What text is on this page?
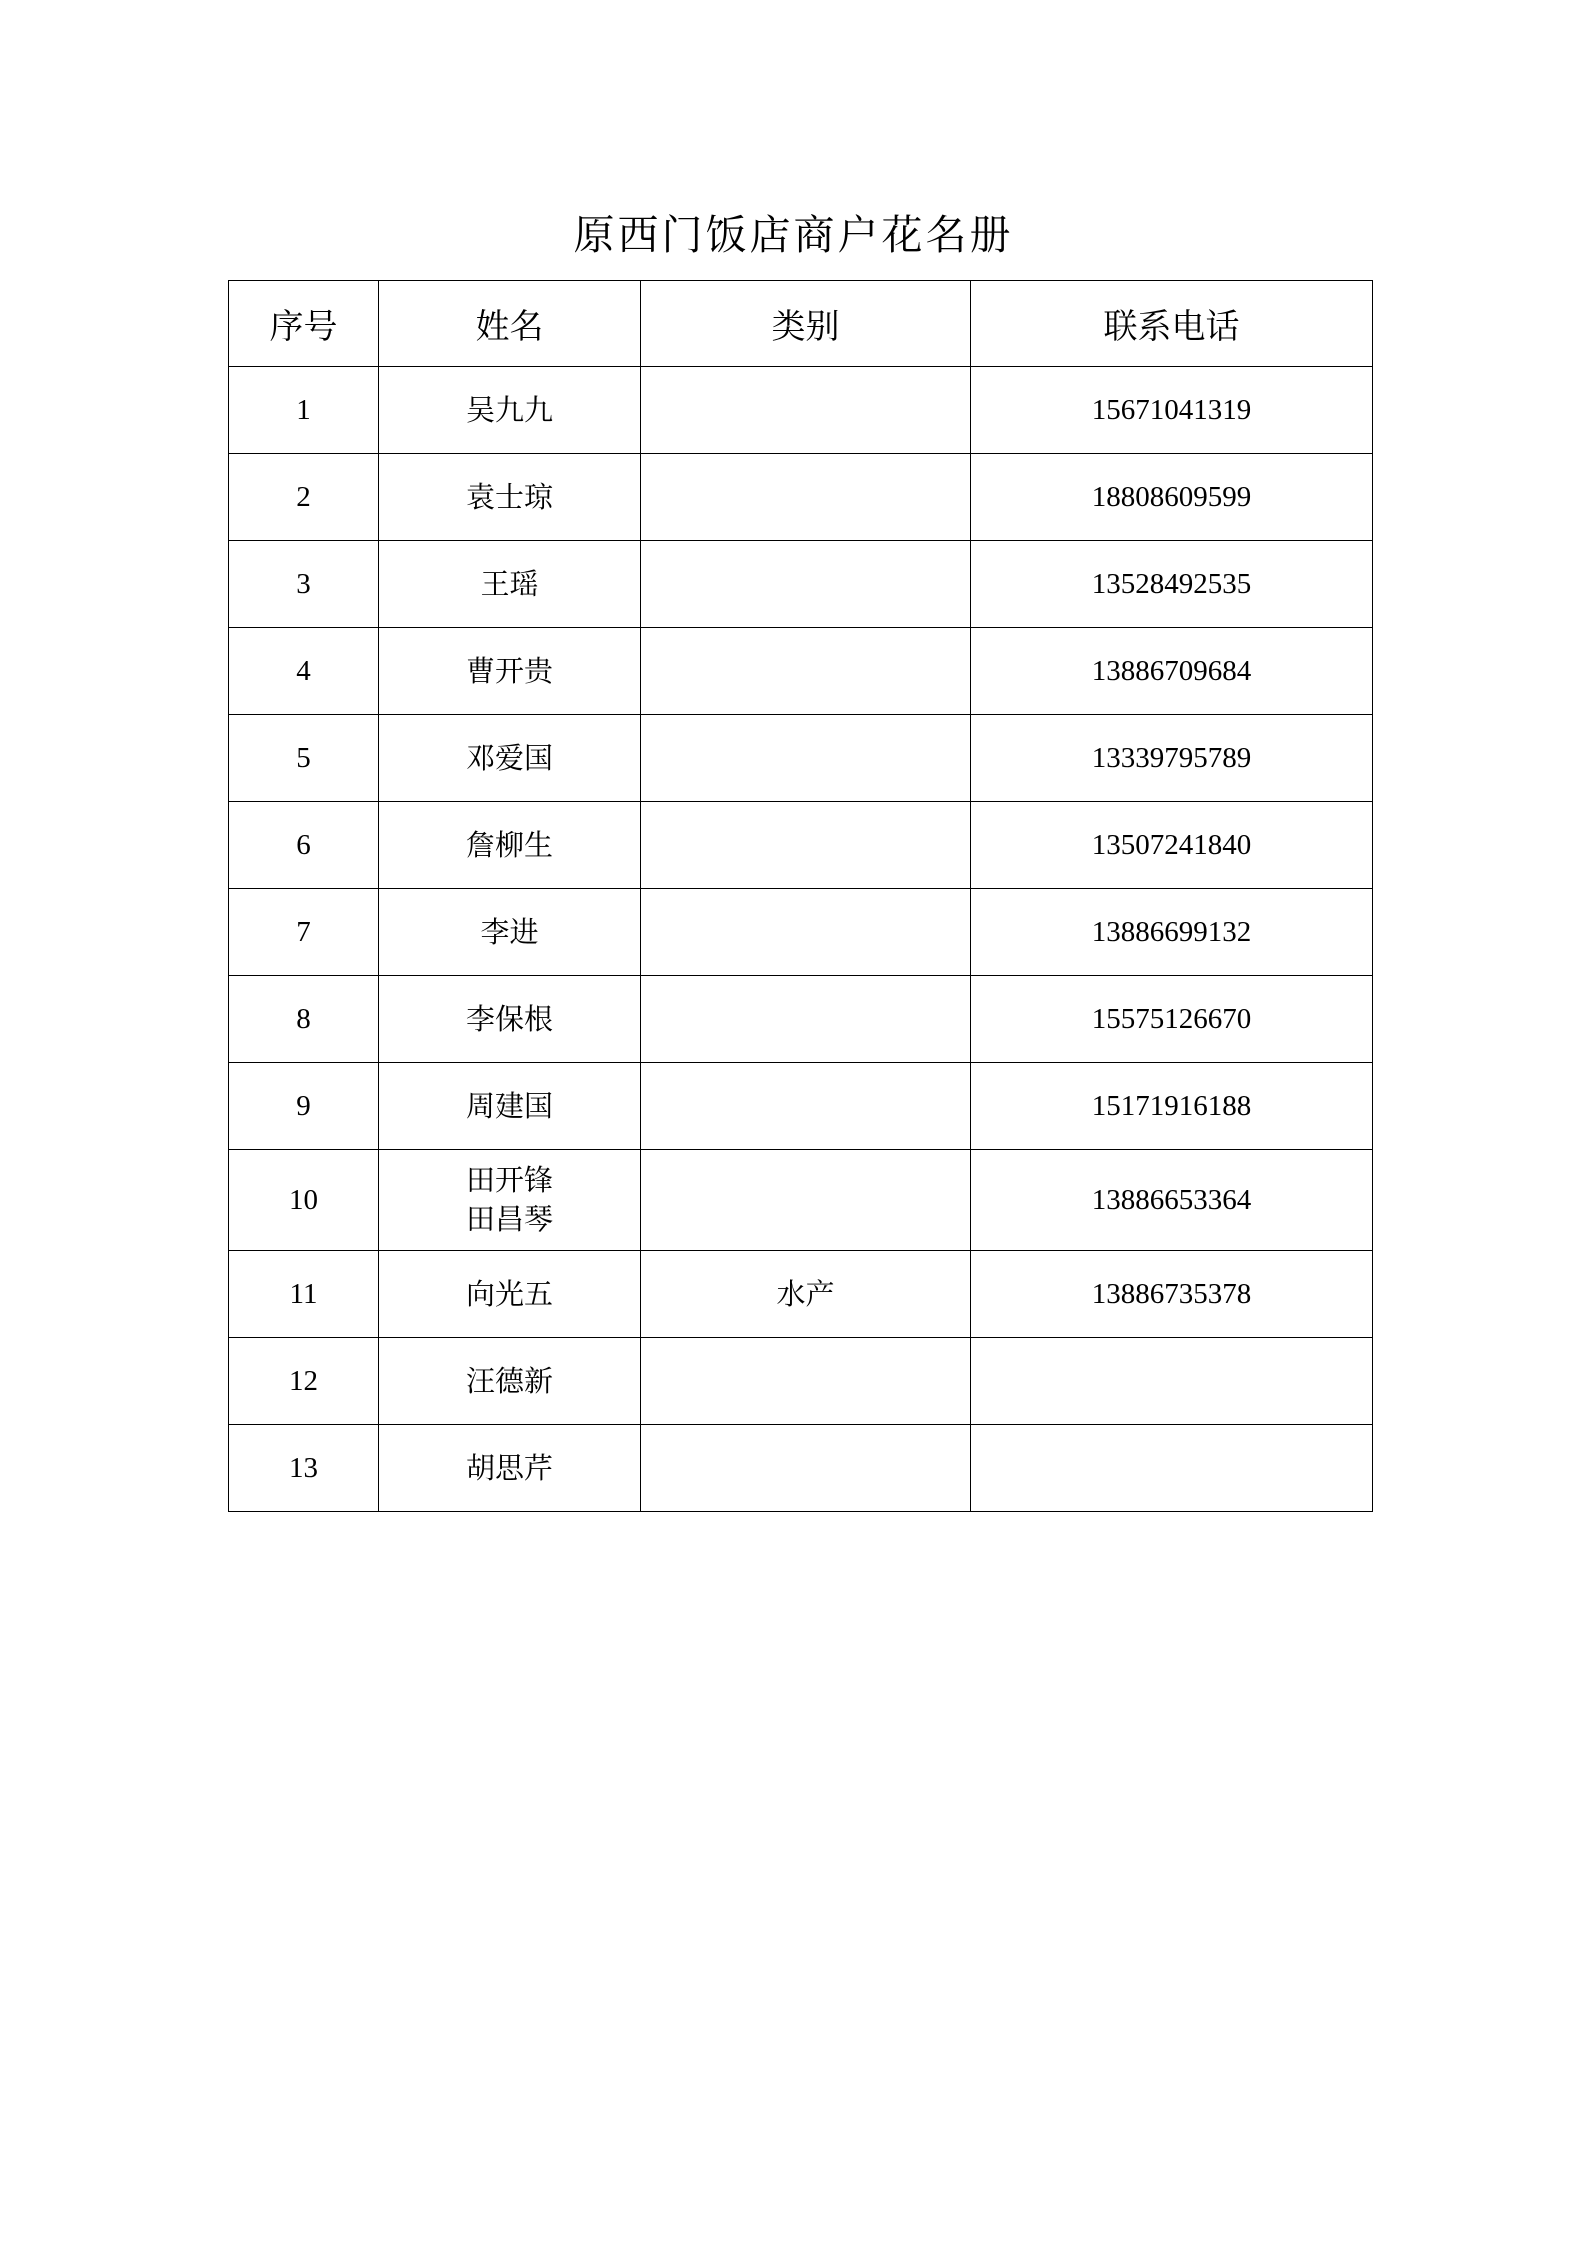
原西门饭店商户花名册
序号	姓名	类别	联系电话
1	吴九九		15671041319
2	袁士琼		18808609599
3	王瑶		13528492535
4	曹开贵		13886709684
5	邓爱国		13339795789
6	詹柳生		13507241840
7	李进		13886699132
8	李保根		15575126670
9	周建国		15171916188
10	田开锋
田昌琴		13886653364
11	向光五	水产	13886735378
12	汪德新		

13	胡思芹		
